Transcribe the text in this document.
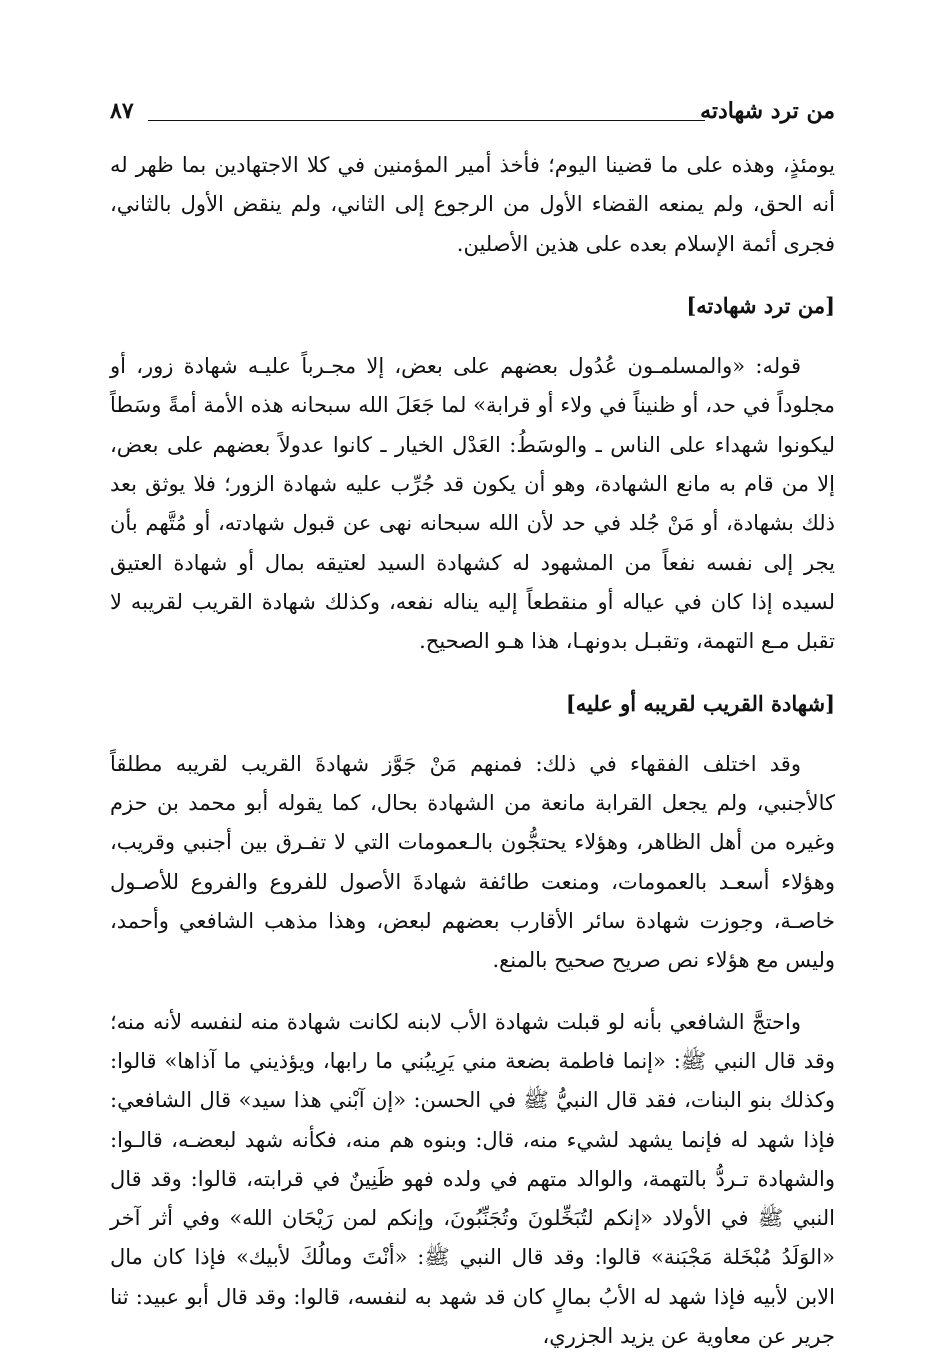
من ترد شهادته
٨٧

يومئذٍ، وهذه على ما قضينا اليوم؛ فأخذ أمير المؤمنين في كلا الاجتهادين بما ظهر له أنه الحق، ولم يمنعه القضاء الأول من الرجوع إلى الثاني، ولم ينقض الأول بالثاني، فجرى أئمة الإسلام بعده على هذين الأصلين.

[من ترد شهادته]

قوله: «والمسلمـون عُدُول بعضهم على بعض، إلا مجـرباً عليـه شهادة زور، أو مجلوداً في حد، أو ظنيناً في ولاء أو قرابة» لما جَعَلَ الله سبحانه هذه الأمة أمةً وسَطاً ليكونوا شهداء على الناس ـ والوسَطُ: العَدْل الخيار ـ كانوا عدولاً بعضهم على بعض، إلا من قام به مانع الشهادة، وهو أن يكون قد جُرِّب عليه شهادة الزور؛ فلا يوثق بعد ذلك بشهادة، أو مَنْ جُلد في حد لأن الله سبحانه نهى عن قبول شهادته، أو مُتَّهم بأن يجر إلى نفسه نفعاً من المشهود له كشهادة السيد لعتيقه بمال أو شهادة العتيق لسيده إذا كان في عياله أو منقطعاً إليه يناله نفعه، وكذلك شهادة القريب لقريبه لا تقبل مـع التهمة، وتقبـل بدونهـا، هذا هـو الصحيح.

[شهادة القريب لقريبه أو عليه]

وقد اختلف الفقهاء في ذلك: فمنهم مَنْ جَوَّز شهادةَ القريب لقريبه مطلقاً كالأجنبي، ولم يجعل القرابة مانعة من الشهادة بحال، كما يقوله أبو محمد بن حزم وغيره من أهل الظاهر، وهؤلاء يحتجُّون بالـعمومات التي لا تفـرق بين أجنبي وقريب، وهؤلاء أسعـد بالعمومات، ومنعت طائفة شهادةَ الأصول للفروع والفروع للأصـول خاصـة، وجوزت شهادة سائر الأقارب بعضهم لبعض، وهذا مذهب الشافعي وأحمد، وليس مع هؤلاء نص صريح صحيح بالمنع.

واحتجَّ الشافعي بأنه لو قبلت شهادة الأب لابنه لكانت شهادة منه لنفسه لأنه منه؛ وقد قال النبي ﷺ: «إنما فاطمة بضعة مني يَرِيبُني ما رابها، ويؤذيني ما آذاها» قالوا: وكذلك بنو البنات، فقد قال النبيُّ ﷺ في الحسن: «إن آبْني هذا سيد» قال الشافعي: فإذا شهد له فإنما يشهد لشيء منه، قال: وبنوه هم منه، فكأنه شهد لبعضـه، قالـوا: والشهادة تـردُّ بالتهمة، والوالد متهم في ولده فهو ظَنِينٌ في قرابته، قالوا: وقد قال النبي ﷺ في الأولاد «إنكم لتُبَخِّلونَ وتُجَنِّبُونَ، وإنكم لمن رَيْحَان الله» وفي أثر آخر «الوَلَدُ مُبْخَلة مَجْبَنة» قالوا: وقد قال النبي ﷺ: «أنْتَ ومالُكَ لأبيك» فإذا كان مال الابن لأبيه فإذا شهد له الأبُ بمالٍ كان قد شهد به لنفسه، قالوا: وقد قال أبو عبيد: ثنا جرير عن معاوية عن يزيد الجزري،
